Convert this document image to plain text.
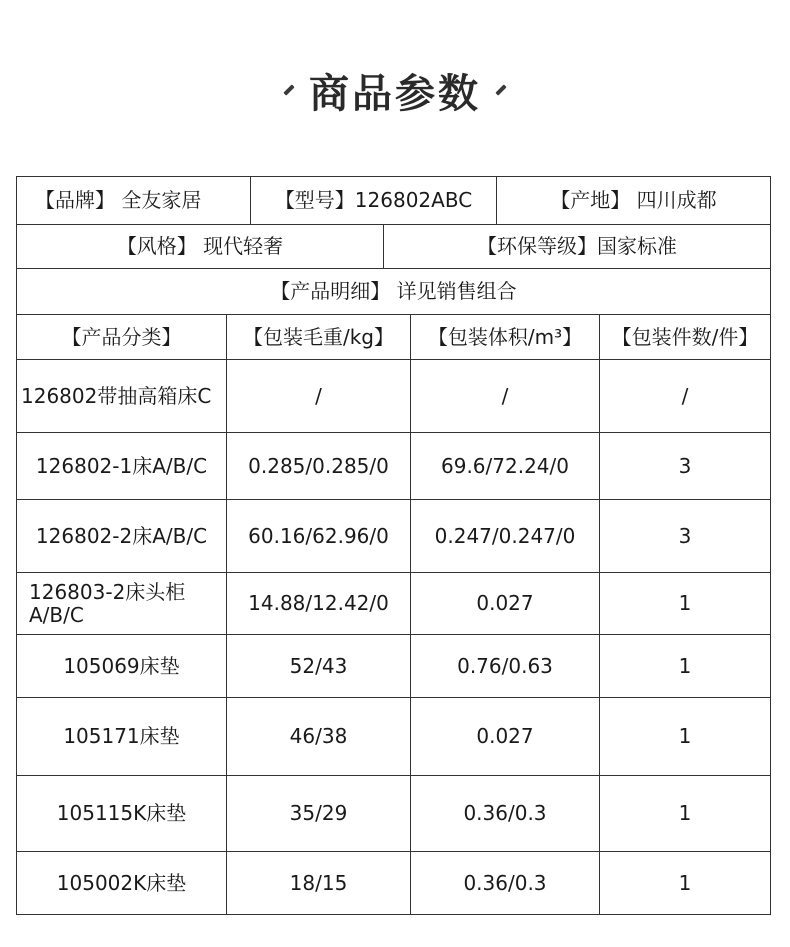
商品参数
【品牌】 全友家居	【型号】126802ABC	【产地】 四川成都
【风格】 现代轻奢	【环保等级】国家标准
【产品明细】 详见销售组合
【产品分类】	【包装毛重/kg】	【包装体积/m³】	【包装件数/件】
126802带抽高箱床C	/	/	/
126802-1床A/B/C	0.285/0.285/0	69.6/72.24/0	3
126802-2床A/B/C	60.16/62.96/0	0.247/0.247/0	3
126803-2床头柜A/B/C	14.88/12.42/0	0.027	1
105069床垫	52/43	0.76/0.63	1
105171床垫	46/38	0.027	1
105115K床垫	35/29	0.36/0.3	1
105002K床垫	18/15	0.36/0.3	1
